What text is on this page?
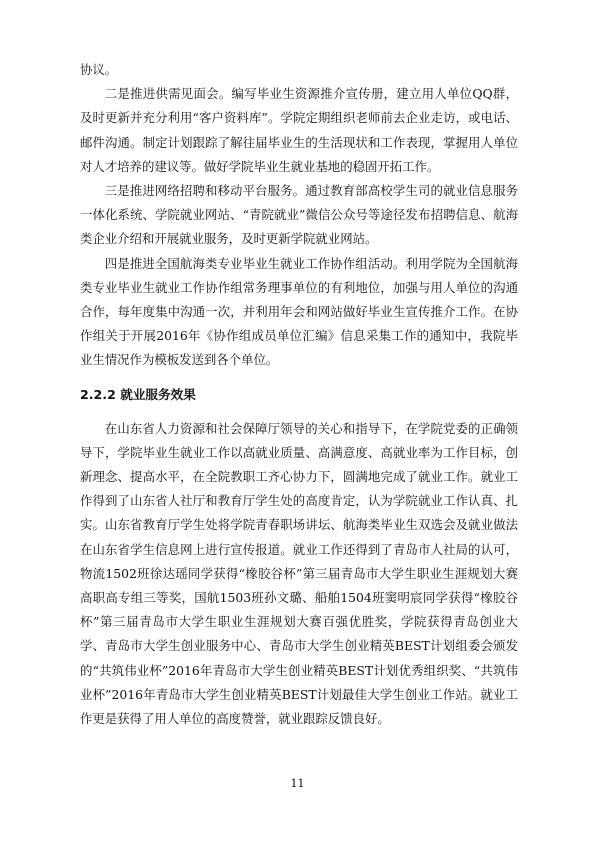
协议。

二是推进供需见面会。编写毕业生资源推介宣传册，建立用人单位QQ群，及时更新并充分利用“客户资料库”。学院定期组织老师前去企业走访，或电话、邮件沟通。制定计划跟踪了解往届毕业生的生活现状和工作表现，掌握用人单位对人才培养的建议等。做好学院毕业生就业基地的稳固开拓工作。

三是推进网络招聘和移动平台服务。通过教育部高校学生司的就业信息服务一体化系统、学院就业网站、“青院就业”微信公众号等途径发布招聘信息、航海类企业介绍和开展就业服务，及时更新学院就业网站。

四是推进全国航海类专业毕业生就业工作协作组活动。利用学院为全国航海类专业毕业生就业工作协作组常务理事单位的有利地位，加强与用人单位的沟通合作，每年度集中沟通一次，并利用年会和网站做好毕业生宣传推介工作。在协作组关于开展2016年《协作组成员单位汇编》信息采集工作的通知中，我院毕业生情况作为模板发送到各个单位。

2.2.2 就业服务效果

在山东省人力资源和社会保障厅领导的关心和指导下，在学院党委的正确领导下，学院毕业生就业工作以高就业质量、高满意度、高就业率为工作目标，创新理念、提高水平，在全院教职工齐心协力下，圆满地完成了就业工作。就业工作得到了山东省人社厅和教育厅学生处的高度肯定，认为学院就业工作认真、扎实。山东省教育厅学生处将学院青春职场讲坛、航海类毕业生双选会及就业做法在山东省学生信息网上进行宣传报道。就业工作还得到了青岛市人社局的认可，物流1502班徐达瑶同学获得“橡胶谷杯”第三届青岛市大学生职业生涯规划大赛高职高专组三等奖，国航1503班孙文璐、船舶1504班窦明宸同学获得“橡胶谷杯”第三届青岛市大学生职业生涯规划大赛百强优胜奖，学院获得青岛创业大学、青岛市大学生创业服务中心、青岛市大学生创业精英BEST计划组委会颁发的“共筑伟业杯”2016年青岛市大学生创业精英BEST计划优秀组织奖、“共筑伟业杯”2016年青岛市大学生创业精英BEST计划最佳大学生创业工作站。就业工作更是获得了用人单位的高度赞誉，就业跟踪反馈良好。

11
